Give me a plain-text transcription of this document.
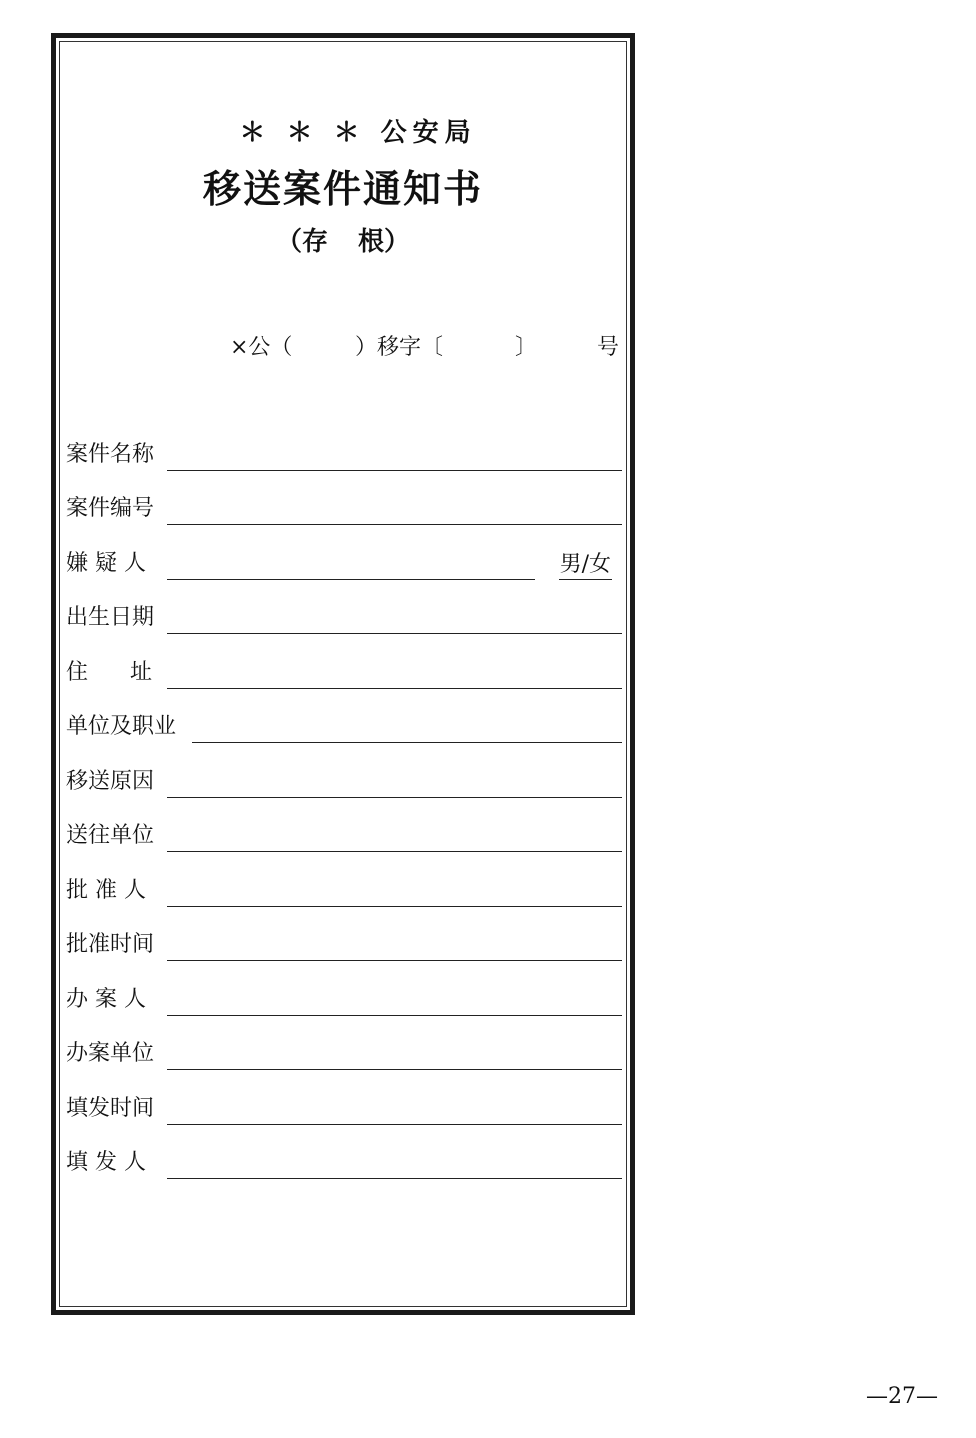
＊ ＊ ＊ 公安局
移送案件通知书
（存 根）
×公（	）移字〔	〕	号
案件名称
案件编号
嫌 疑 人	男/女
出生日期
住      址
单位及职业
移送原因
送往单位
批 准 人
批准时间
办 案 人
办案单位
填发时间
填 发 人
—27—
